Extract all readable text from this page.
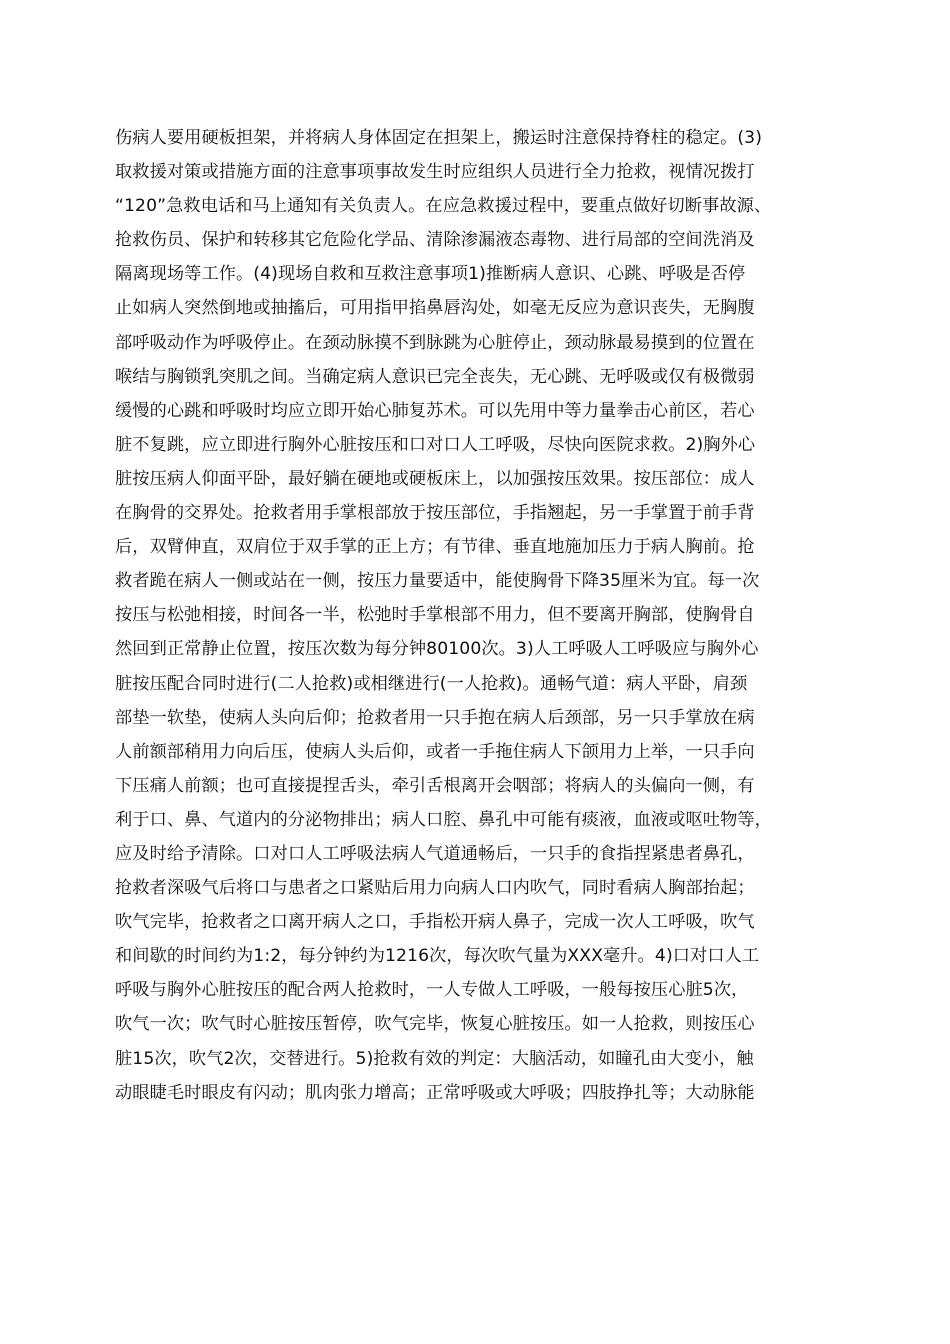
伤病人要用硬板担架，并将病人身体固定在担架上，搬运时注意保持脊柱的稳定。(3)
取救援对策或措施方面的注意事项事故发生时应组织人员进行全力抢救，视情况拨打
“120”急救电话和马上通知有关负责人。在应急救援过程中，要重点做好切断事故源、
抢救伤员、保护和转移其它危险化学品、清除渗漏液态毒物、进行局部的空间洗消及
隔离现场等工作。(4)现场自救和互救注意事项1)推断病人意识、心跳、呼吸是否停
止如病人突然倒地或抽搐后，可用指甲掐鼻唇沟处，如毫无反应为意识丧失，无胸腹
部呼吸动作为呼吸停止。在颈动脉摸不到脉跳为心脏停止，颈动脉最易摸到的位置在
喉结与胸锁乳突肌之间。当确定病人意识已完全丧失，无心跳、无呼吸或仅有极微弱
缓慢的心跳和呼吸时均应立即开始心肺复苏术。可以先用中等力量拳击心前区，若心
脏不复跳，应立即进行胸外心脏按压和口对口人工呼吸，尽快向医院求救。2)胸外心
脏按压病人仰面平卧，最好躺在硬地或硬板床上，以加强按压效果。按压部位：成人
在胸骨的交界处。抢救者用手掌根部放于按压部位，手指翘起，另一手掌置于前手背
后，双臂伸直，双肩位于双手掌的正上方；有节律、垂直地施加压力于病人胸前。抢
救者跪在病人一侧或站在一侧，按压力量要适中，能使胸骨下降35厘米为宜。每一次
按压与松弛相接，时间各一半，松弛时手掌根部不用力，但不要离开胸部，使胸骨自
然回到正常静止位置，按压次数为每分钟80100次。3)人工呼吸人工呼吸应与胸外心
脏按压配合同时进行(二人抢救)或相继进行(一人抢救)。通畅气道：病人平卧，肩颈
部垫一软垫，使病人头向后仰；抢救者用一只手抱在病人后颈部，另一只手掌放在病
人前额部稍用力向后压，使病人头后仰，或者一手拖住病人下颌用力上举，一只手向
下压痛人前额；也可直接提捏舌头，牵引舌根离开会咽部；将病人的头偏向一侧，有
利于口、鼻、气道内的分泌物排出；病人口腔、鼻孔中可能有痰液，血液或呕吐物等，
应及时给予清除。口对口人工呼吸法病人气道通畅后，一只手的食指捏紧患者鼻孔，
抢救者深吸气后将口与患者之口紧贴后用力向病人口内吹气，同时看病人胸部抬起；
吹气完毕，抢救者之口离开病人之口，手指松开病人鼻子，完成一次人工呼吸，吹气
和间歇的时间约为1:2，每分钟约为1216次，每次吹气量为XXX毫升。4)口对口人工
呼吸与胸外心脏按压的配合两人抢救时，一人专做人工呼吸，一般每按压心脏5次，
吹气一次；吹气时心脏按压暂停，吹气完毕，恢复心脏按压。如一人抢救，则按压心
脏15次，吹气2次，交替进行。5)抢救有效的判定：大脑活动，如瞳孔由大变小，触
动眼睫毛时眼皮有闪动；肌肉张力增高；正常呼吸或大呼吸；四肢挣扎等；大动脉能
